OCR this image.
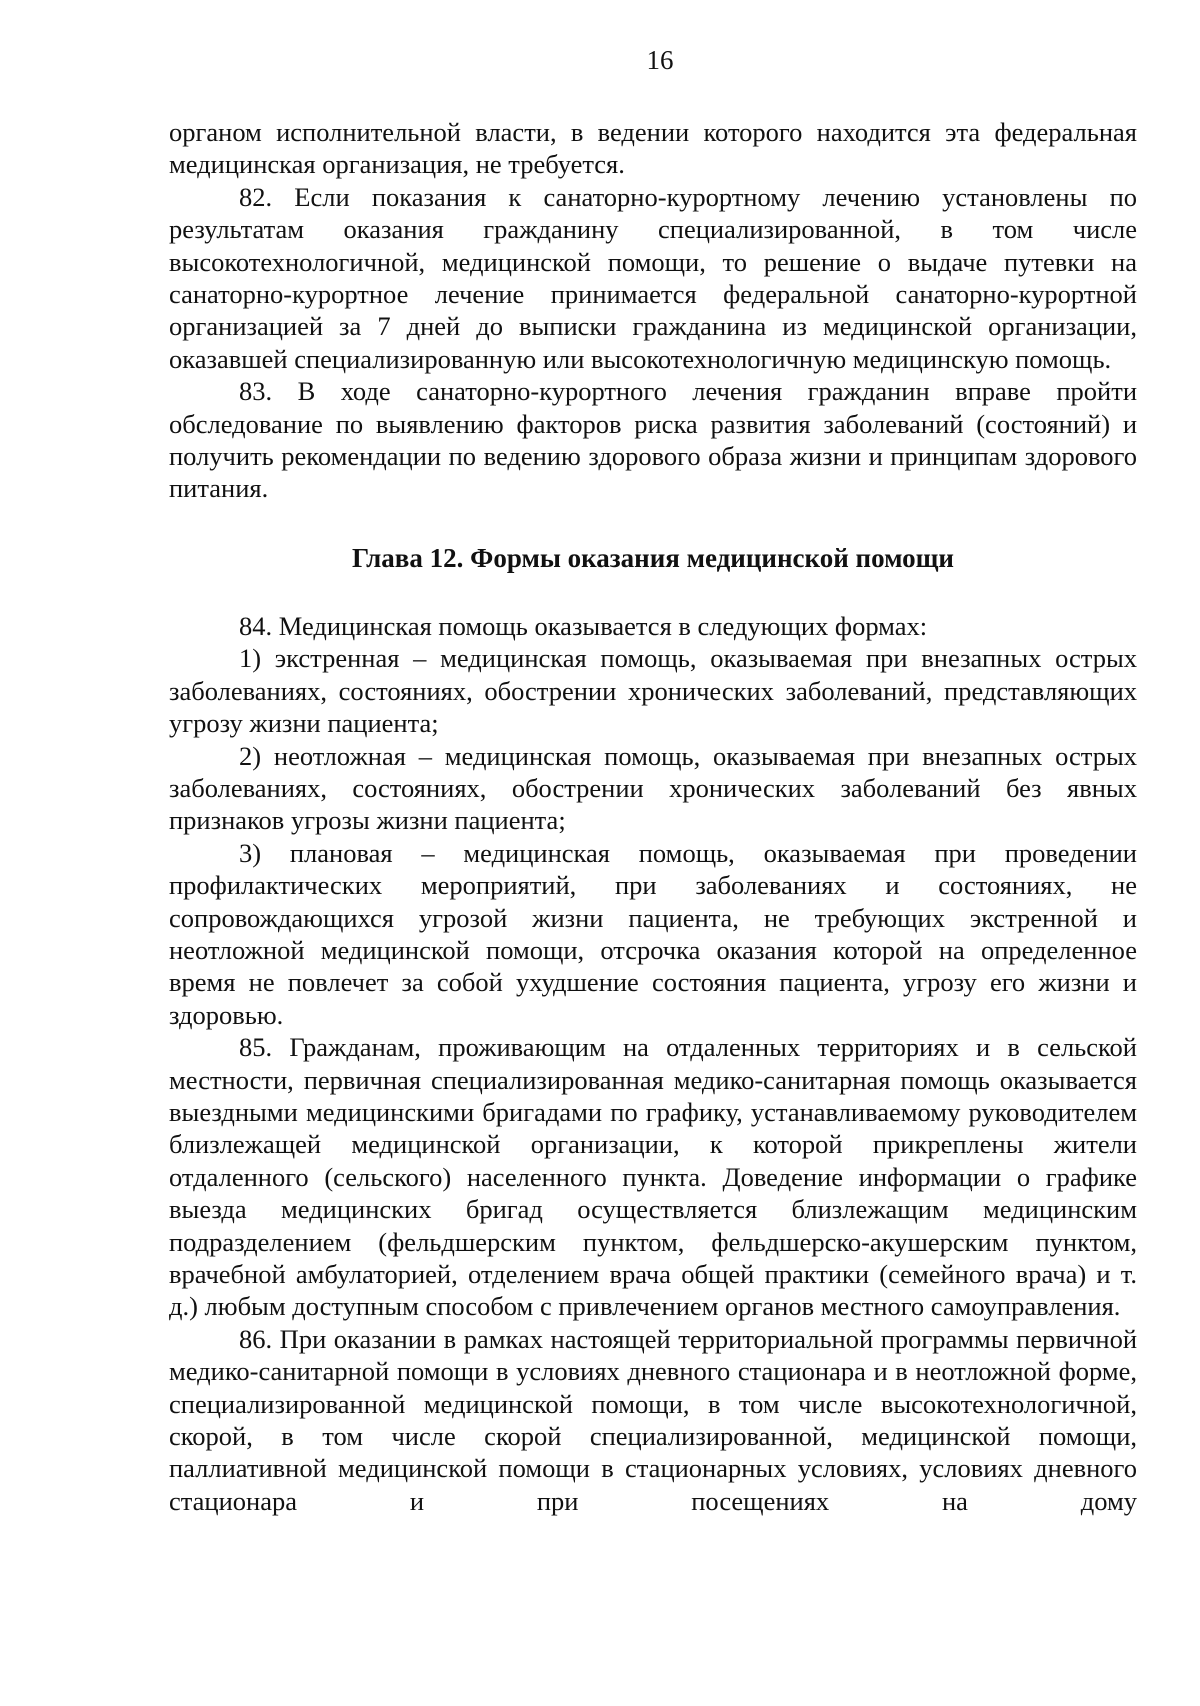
16

органом исполнительной власти, в ведении которого находится эта федеральная медицинская организация, не требуется.

82. Если показания к санаторно-курортному лечению установлены по результатам оказания гражданину специализированной, в том числе высокотехнологичной, медицинской помощи, то решение о выдаче путевки на санаторно-курортное лечение принимается федеральной санаторно-курортной организацией за 7 дней до выписки гражданина из медицинской организации, оказавшей специализированную или высокотехнологичную медицинскую помощь.

83. В ходе санаторно-курортного лечения гражданин вправе пройти обследование по выявлению факторов риска развития заболеваний (состояний) и получить рекомендации по ведению здорового образа жизни и принципам здорового питания.

Глава 12. Формы оказания медицинской помощи

84. Медицинская помощь оказывается в следующих формах:

1) экстренная – медицинская помощь, оказываемая при внезапных острых заболеваниях, состояниях, обострении хронических заболеваний, представляющих угрозу жизни пациента;

2) неотложная – медицинская помощь, оказываемая при внезапных острых заболеваниях, состояниях, обострении хронических заболеваний без явных признаков угрозы жизни пациента;

3) плановая – медицинская помощь, оказываемая при проведении профилактических мероприятий, при заболеваниях и состояниях, не сопровождающихся угрозой жизни пациента, не требующих экстренной и неотложной медицинской помощи, отсрочка оказания которой на определенное время не повлечет за собой ухудшение состояния пациента, угрозу его жизни и здоровью.

85. Гражданам, проживающим на отдаленных территориях и в сельской местности, первичная специализированная медико-санитарная помощь оказывается выездными медицинскими бригадами по графику, устанавливаемому руководителем близлежащей медицинской организации, к которой прикреплены жители отдаленного (сельского) населенного пункта. Доведение информации о графике выезда медицинских бригад осуществляется близлежащим медицинским подразделением (фельдшерским пунктом, фельдшерско-акушерским пунктом, врачебной амбулаторией, отделением врача общей практики (семейного врача) и т. д.) любым доступным способом с привлечением органов местного самоуправления.

86. При оказании в рамках настоящей территориальной программы первичной медико-санитарной помощи в условиях дневного стационара и в неотложной форме, специализированной медицинской помощи, в том числе высокотехнологичной, скорой, в том числе скорой специализированной, медицинской помощи, паллиативной медицинской помощи в стационарных условиях, условиях дневного стационара и при посещениях на дому
